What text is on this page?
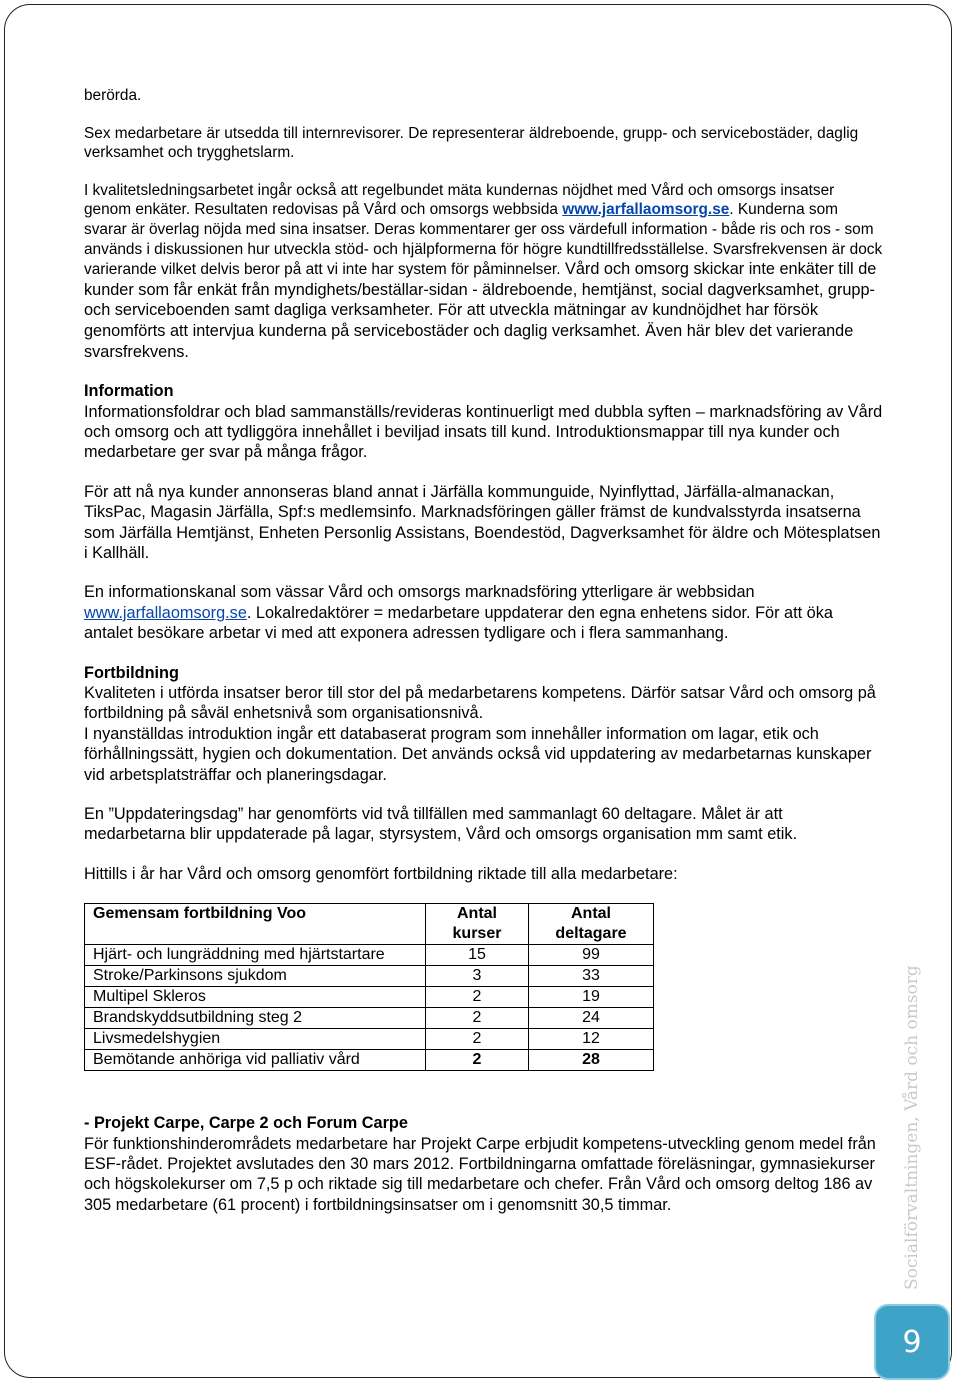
berörda.

Sex medarbetare är utsedda till internrevisorer. De representerar äldreboende, grupp- och servicebostäder, daglig verksamhet och trygghetslarm.

I kvalitetsledningsarbetet ingår också att regelbundet mäta kundernas nöjdhet med Vård och omsorgs insatser genom enkäter. Resultaten redovisas på Vård och omsorgs webbsida www.jarfallaomsorg.se. Kunderna som svarar är överlag nöjda med sina insatser. Deras kommentarer ger oss värdefull information - både ris och ros - som används i diskussionen hur utveckla stöd- och hjälpformerna för högre kundtillfredsställelse. Svarsfrekvensen är dock varierande vilket delvis beror på att vi inte har system för påminnelser. Vård och omsorg skickar inte enkäter till de kunder som får enkät från myndighets/beställar-sidan - äldreboende, hemtjänst, social dagverksamhet, grupp- och serviceboenden samt dagliga verksamheter. För att utveckla mätningar av kundnöjdhet har försök genomförts att intervjua kunderna på servicebostäder och daglig verksamhet. Även här blev det varierande svarsfrekvens.

Information

Informationsfoldrar och blad sammanställs/revideras kontinuerligt med dubbla syften – marknadsföring av Vård och omsorg och att tydliggöra innehållet i beviljad insats till kund. Introduktionsmappar till nya kunder och medarbetare ger svar på många frågor.

För att nå nya kunder annonseras bland annat i Järfälla kommunguide, Nyinflyttad, Järfälla-almanackan, TiksPac, Magasin Järfälla, Spf:s medlemsinfo. Marknadsföringen gäller främst de kundvalsstyrda insatserna som Järfälla Hemtjänst, Enheten Personlig Assistans, Boendestöd, Dagverksamhet för äldre och Mötesplatsen i Kallhäll.

En informationskanal som vässar Vård och omsorgs marknadsföring ytterligare är webbsidan www.jarfallaomsorg.se. Lokalredaktörer = medarbetare uppdaterar den egna enhetens sidor. För att öka antalet besökare arbetar vi med att exponera adressen tydligare och i flera sammanhang.

Fortbildning

Kvaliteten i utförda insatser beror till stor del på medarbetarens kompetens. Därför satsar Vård och omsorg på fortbildning på såväl enhetsnivå som organisationsnivå.

I nyanställdas introduktion ingår ett databaserat program som innehåller information om lagar, etik och förhållningssätt, hygien och dokumentation. Det används också vid uppdatering av medarbetarnas kunskaper vid arbetsplatsträffar och planeringsdagar.

En ”Uppdateringsdag” har genomförts vid två tillfällen med sammanlagt 60 deltagare. Målet är att medarbetarna blir uppdaterade på lagar, styrsystem, Vård och omsorgs organisation mm samt etik.

Hittills i år har Vård och omsorg genomfört fortbildning riktade till alla medarbetare:

Gemensam fortbildning Voo	Antal kurser	Antal deltagare
Hjärt- och lungräddning med hjärtstartare	15	99
Stroke/Parkinsons sjukdom	3	33
Multipel Skleros	2	19
Brandskyddsutbildning steg 2	2	24
Livsmedelshygien	2	12
Bemötande anhöriga vid palliativ vård	2	28

- Projekt Carpe, Carpe 2 och Forum Carpe

För funktionshinderområdets medarbetare har Projekt Carpe erbjudit kompetens-utveckling genom medel från ESF-rådet. Projektet avslutades den 30 mars 2012. Fortbildningarna omfattade föreläsningar, gymnasiekurser och högskolekurser om 7,5 p och riktade sig till medarbetare och chefer. Från Vård och omsorg deltog 186 av 305 medarbetare (61 procent) i fortbildningsinsatser om i genomsnitt 30,5 timmar.	Socialförvaltningen, Vård och omsorg
9
